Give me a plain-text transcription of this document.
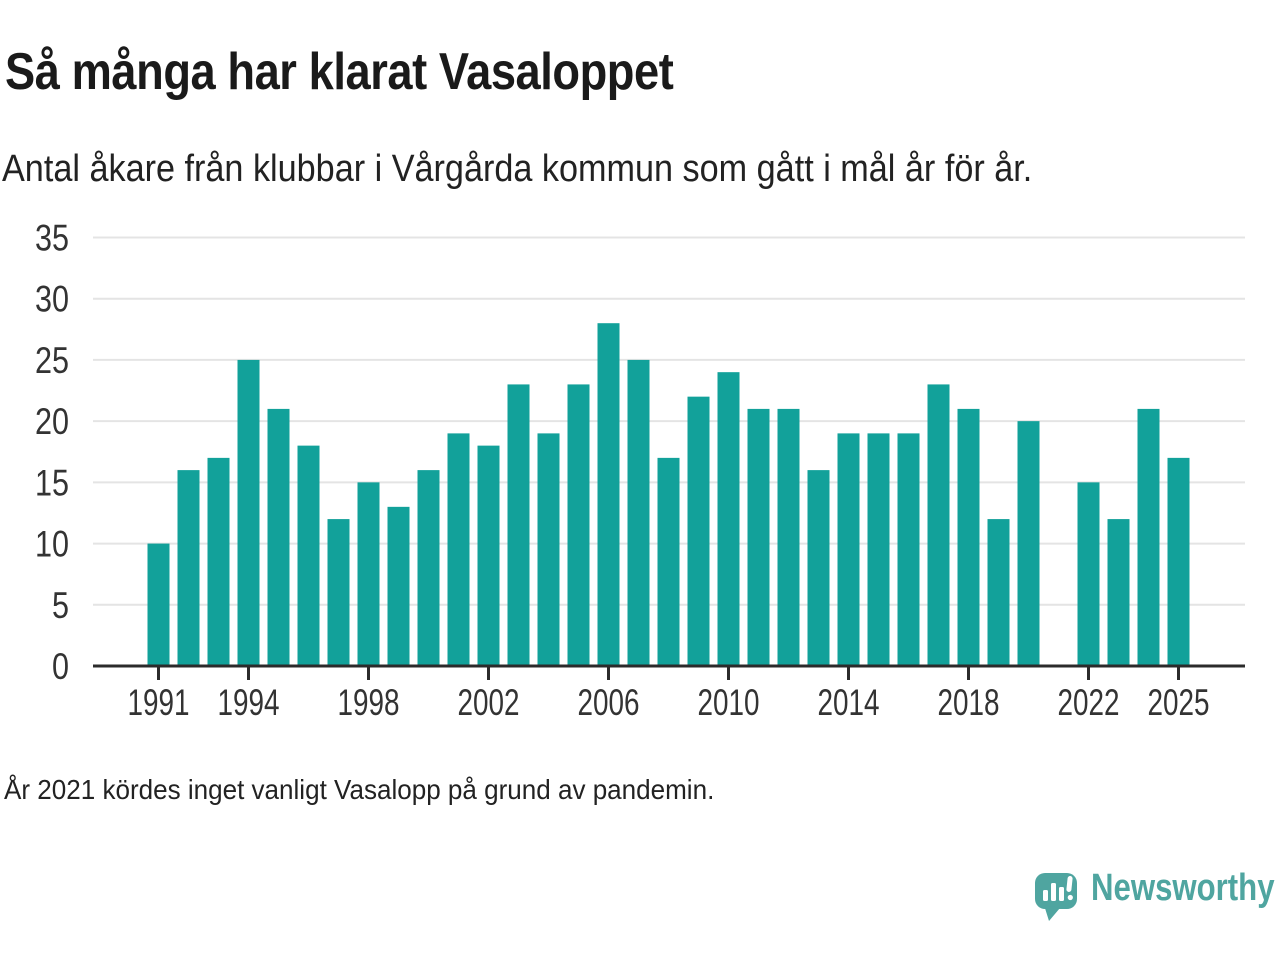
Så många har klarat Vasaloppet

Antal åkare från klubbar i Vårgårda kommun som gått i mål år för år.

0
5
10
15
20
25
30
35
1991 1994 1998 2002 2006 2010 2014 2018 2022 2025

År 2021 kördes inget vanligt Vasalopp på grund av pandemin.

Newsworthy
